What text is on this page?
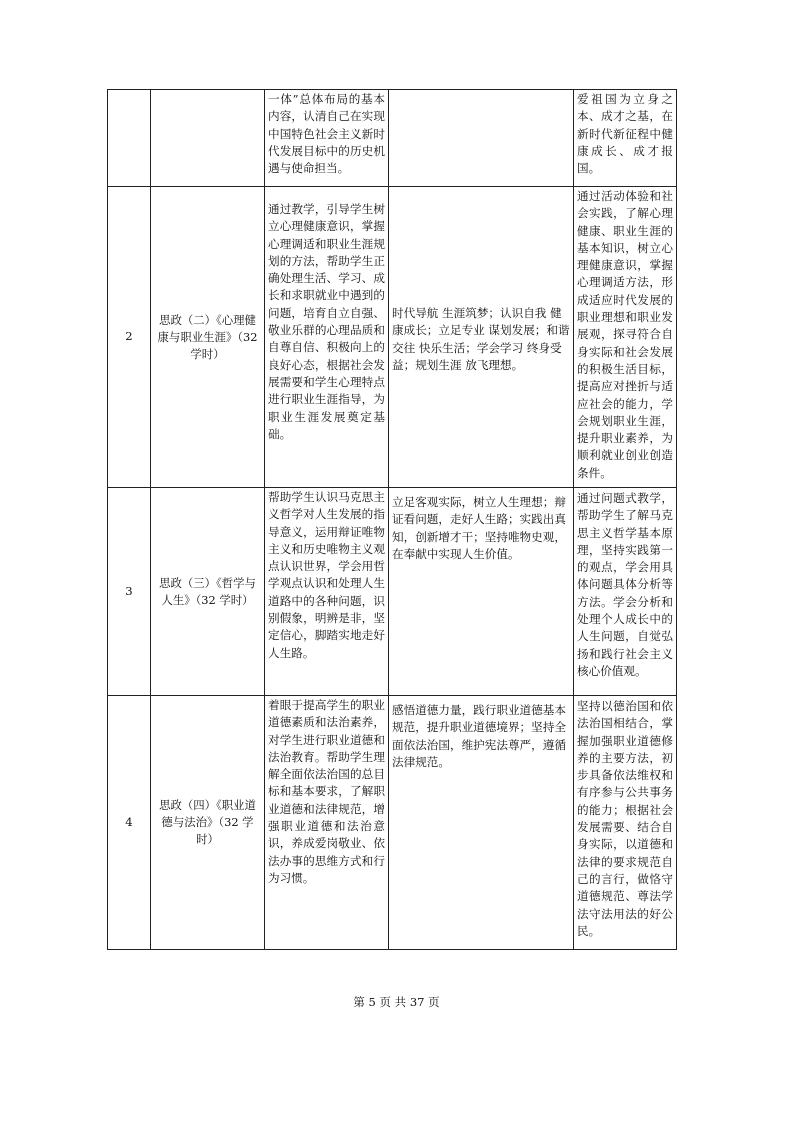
		一体”总体布局的基本内容，认清自己在实现中国特色社会主义新时代发展目标中的历史机遇与使命担当。		爱祖国为立身之本、成才之基，在新时代新征程中健康成长、成才报国。
2	思政（二）《心理健康与职业生涯》（32 学时）	通过教学，引导学生树立心理健康意识，掌握心理调适和职业生涯规划的方法，帮助学生正确处理生活、学习、成长和求职就业中遇到的问题，培育自立自强、敬业乐群的心理品质和自尊自信、积极向上的良好心态，根据社会发展需要和学生心理特点进行职业生涯指导，为职业生涯发展奠定基础。	时代导航 生涯筑梦；认识自我 健康成长；立足专业 谋划发展；和谐交往 快乐生活；学会学习 终身受益；规划生涯 放飞理想。	通过活动体验和社会实践，了解心理健康、职业生涯的基本知识，树立心理健康意识，掌握心理调适方法，形成适应时代发展的职业理想和职业发展观，探寻符合自身实际和社会发展的积极生活目标，提高应对挫折与适应社会的能力，学会规划职业生涯，提升职业素养，为顺利就业创业创造条件。
3	思政（三）《哲学与人生》（32 学时）	帮助学生认识马克思主义哲学对人生发展的指导意义，运用辩证唯物主义和历史唯物主义观点认识世界，学会用哲学观点认识和处理人生道路中的各种问题，识别假象，明辨是非，坚定信心，脚踏实地走好人生路。	立足客观实际，树立人生理想；辩证看问题，走好人生路；实践出真知，创新增才干；坚持唯物史观，在奉献中实现人生价值。	通过问题式教学，帮助学生了解马克思主义哲学基本原理，坚持实践第一的观点，学会用具体问题具体分析等方法。学会分析和处理个人成长中的人生问题，自觉弘扬和践行社会主义核心价值观。
4	思政（四）《职业道德与法治》（32 学时）	着眼于提高学生的职业道德素质和法治素养，对学生进行职业道德和法治教育。帮助学生理解全面依法治国的总目标和基本要求，了解职业道德和法律规范，增强职业道德和法治意识，养成爱岗敬业、依法办事的思维方式和行为习惯。	感悟道德力量，践行职业道德基本规范，提升职业道德境界；坚持全面依法治国，维护宪法尊严，遵循法律规范。	坚持以德治国和依法治国相结合，掌握加强职业道德修养的主要方法，初步具备依法维权和有序参与公共事务的能力；根据社会发展需要、结合自身实际，以道德和法律的要求规范自己的言行，做恪守道德规范、尊法学法守法用法的好公民。
第 5 页 共 37 页
